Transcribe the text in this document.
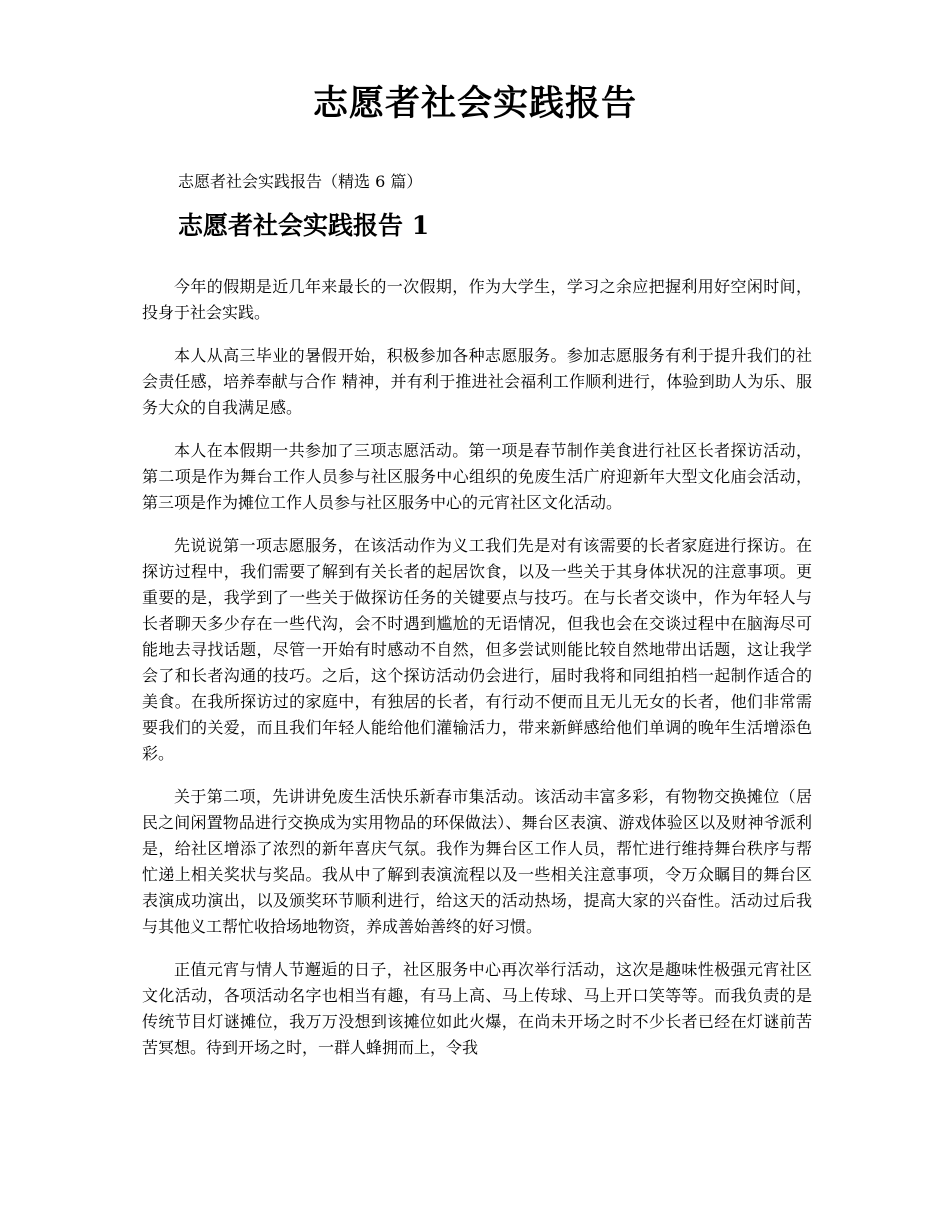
志愿者社会实践报告
志愿者社会实践报告（精选 6 篇）
志愿者社会实践报告 1

今年的假期是近几年来最长的一次假期，作为大学生，学习之余应把握利用好空闲时间，投身于社会实践。

本人从高三毕业的暑假开始，积极参加各种志愿服务。参加志愿服务有利于提升我们的社会责任感，培养奉献与合作 精神，并有利于推进社会福利工作顺利进行，体验到助人为乐、服务大众的自我满足感。

本人在本假期一共参加了三项志愿活动。第一项是春节制作美食进行社区长者探访活动，第二项是作为舞台工作人员参与社区服务中心组织的免废生活广府迎新年大型文化庙会活动，第三项是作为摊位工作人员参与社区服务中心的元宵社区文化活动。

先说说第一项志愿服务，在该活动作为义工我们先是对有该需要的长者家庭进行探访。在探访过程中，我们需要了解到有关长者的起居饮食，以及一些关于其身体状况的注意事项。更重要的是，我学到了一些关于做探访任务的关键要点与技巧。在与长者交谈中，作为年轻人与长者聊天多少存在一些代沟，会不时遇到尴尬的无语情况，但我也会在交谈过程中在脑海尽可能地去寻找话题，尽管一开始有时感动不自然，但多尝试则能比较自然地带出话题，这让我学会了和长者沟通的技巧。之后，这个探访活动仍会进行，届时我将和同组拍档一起制作适合的美食。在我所探访过的家庭中，有独居的长者，有行动不便而且无儿无女的长者，他们非常需要我们的关爱，而且我们年轻人能给他们灌输活力，带来新鲜感给他们单调的晚年生活增添色彩。

关于第二项，先讲讲免废生活快乐新春市集活动。该活动丰富多彩，有物物交换摊位（居民之间闲置物品进行交换成为实用物品的环保做法）、舞台区表演、游戏体验区以及财神爷派利是，给社区增添了浓烈的新年喜庆气氛。我作为舞台区工作人员，帮忙进行维持舞台秩序与帮忙递上相关奖状与奖品。我从中了解到表演流程以及一些相关注意事项，令万众瞩目的舞台区表演成功演出，以及颁奖环节顺利进行，给这天的活动热场，提高大家的兴奋性。活动过后我与其他义工帮忙收拾场地物资，养成善始善终的好习惯。

正值元宵与情人节邂逅的日子，社区服务中心再次举行活动，这次是趣味性极强元宵社区文化活动，各项活动名字也相当有趣，有马上高、马上传球、马上开口笑等等。而我负责的是传统节目灯谜摊位，我万万没想到该摊位如此火爆，在尚未开场之时不少长者已经在灯谜前苦苦冥想。待到开场之时，一群人蜂拥而上，令我
